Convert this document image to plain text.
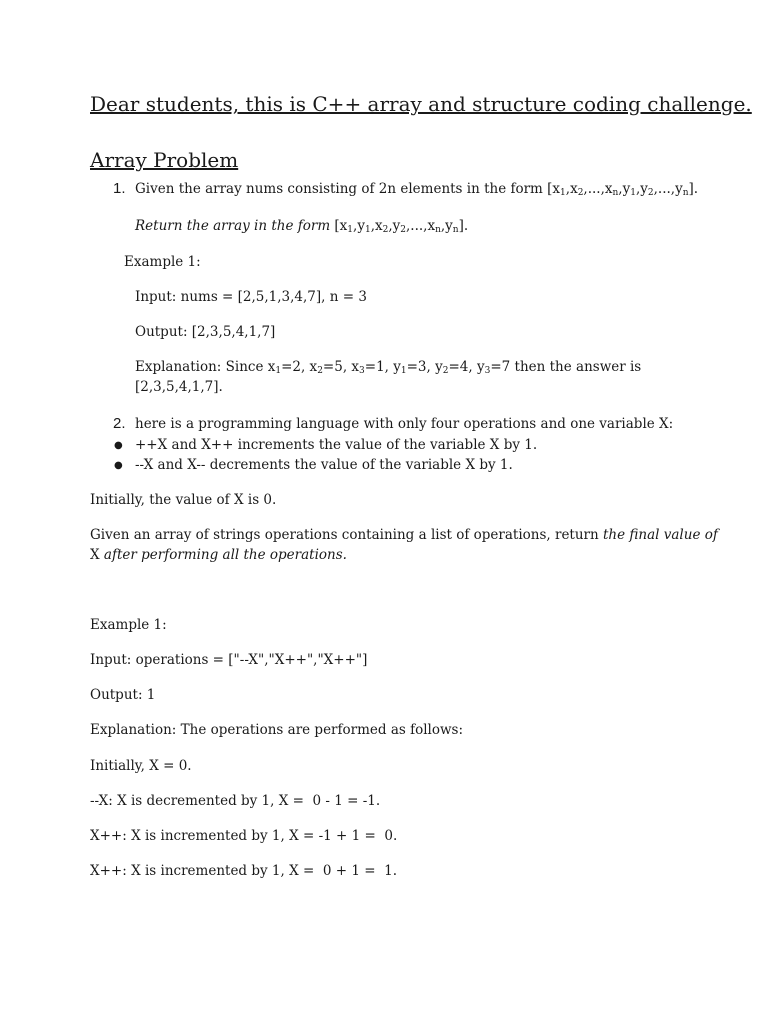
Dear students, this is C++ array and structure coding challenge.
Array Problem
1. Given the array nums consisting of 2n elements in the form $[x_1,x_2,...,x_n,y_1,y_2,...,y_n]$.
Return the array in the form $[x_1,y_1,x_2,y_2,...,x_n,y_n]$.
Example 1:
Input: nums = [2,5,1,3,4,7], n = 3
Output: [2,3,5,4,1,7]
Explanation: Since $x_1=2$, $x_2=5$, $x_3=1$, $y_1=3$, $y_2=4$, $y_3=7$ then the answer is
[2,3,5,4,1,7].
2. here is a programming language with only four operations and one variable X:
● ++X and X++ increments the value of the variable X by 1.
● --X and X-- decrements the value of the variable X by 1.
Initially, the value of X is 0.
Given an array of strings operations containing a list of operations, return the final value of
X after performing all the operations.
Example 1:
Input: operations = ["--X","X++","X++"]
Output: 1
Explanation: The operations are performed as follows:
Initially, X = 0.
--X: X is decremented by 1, X =  0 - 1 = -1.
X++: X is incremented by 1, X = -1 + 1 =  0.
X++: X is incremented by 1, X =  0 + 1 =  1.
